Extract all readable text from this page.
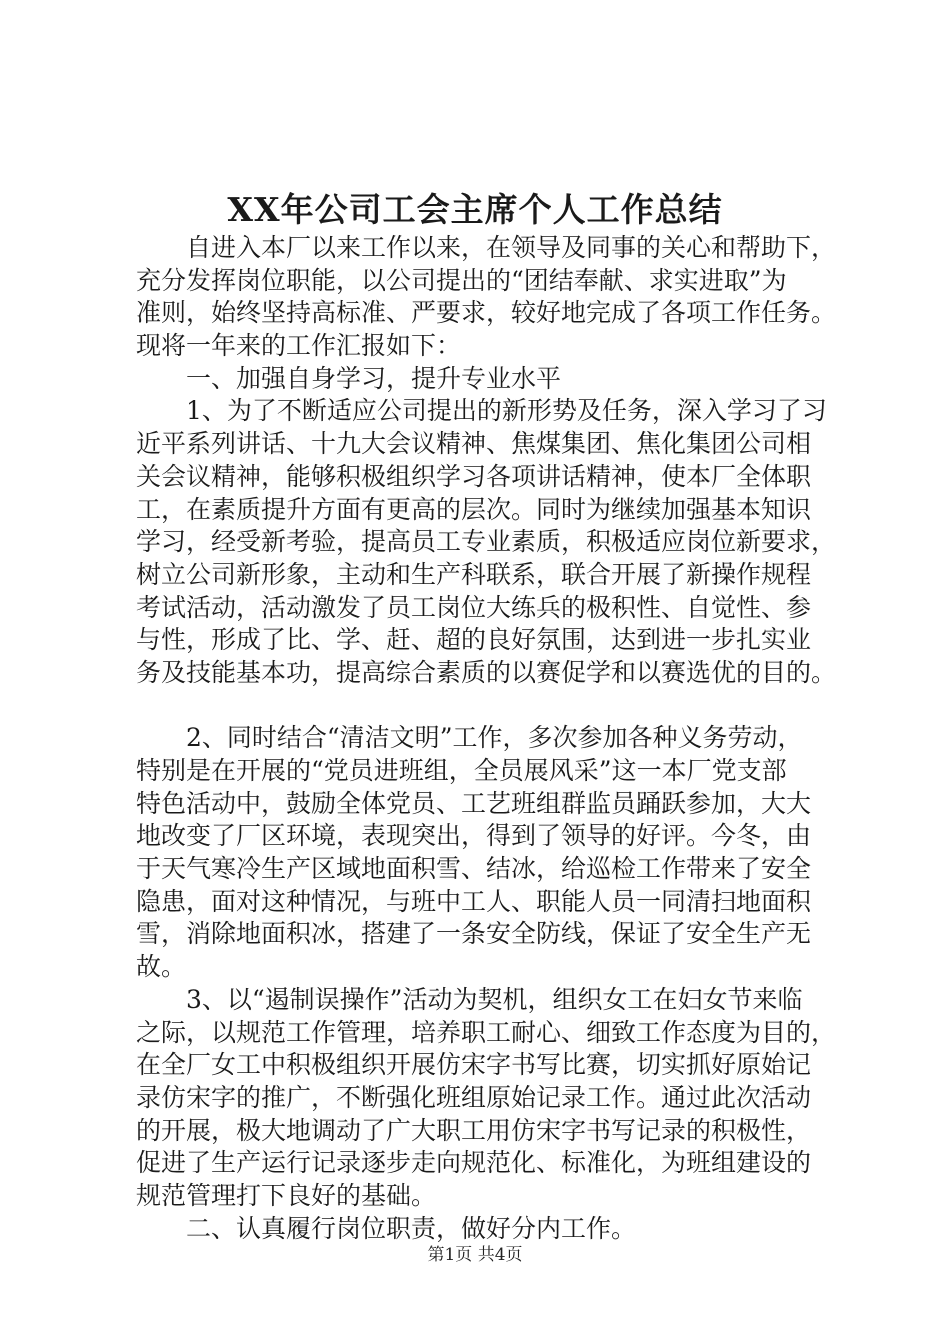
XX年公司工会主席个人工作总结
　　自进入本厂以来工作以来，在领导及同事的关心和帮助下，
充分发挥岗位职能，以公司提出的“团结奉献、求实进取”为
准则，始终坚持高标准、严要求，较好地完成了各项工作任务。
现将一年来的工作汇报如下：
　　一、加强自身学习，提升专业水平
　　1、为了不断适应公司提出的新形势及任务，深入学习了习
近平系列讲话、十九大会议精神、焦煤集团、焦化集团公司相
关会议精神，能够积极组织学习各项讲话精神，使本厂全体职
工，在素质提升方面有更高的层次。同时为继续加强基本知识
学习，经受新考验，提高员工专业素质，积极适应岗位新要求，
树立公司新形象，主动和生产科联系，联合开展了新操作规程
考试活动，活动激发了员工岗位大练兵的极积性、自觉性、参
与性，形成了比、学、赶、超的良好氛围，达到进一步扎实业
务及技能基本功，提高综合素质的以赛促学和以赛选优的目的。
　　2、同时结合“清洁文明”工作，多次参加各种义务劳动，
特别是在开展的“党员进班组，全员展风采”这一本厂党支部
特色活动中，鼓励全体党员、工艺班组群监员踊跃参加，大大
地改变了厂区环境，表现突出，得到了领导的好评。今冬，由
于天气寒冷生产区域地面积雪、结冰，给巡检工作带来了安全
隐患，面对这种情况，与班中工人、职能人员一同清扫地面积
雪，消除地面积冰，搭建了一条安全防线，保证了安全生产无
故。
　　3、以“遏制误操作”活动为契机，组织女工在妇女节来临
之际，以规范工作管理，培养职工耐心、细致工作态度为目的，
在全厂女工中积极组织开展仿宋字书写比赛，切实抓好原始记
录仿宋字的推广，不断强化班组原始记录工作。通过此次活动
的开展，极大地调动了广大职工用仿宋字书写记录的积极性，
促进了生产运行记录逐步走向规范化、标准化，为班组建设的
规范管理打下良好的基础。
　　二、认真履行岗位职责，做好分内工作。
第1页 共4页
